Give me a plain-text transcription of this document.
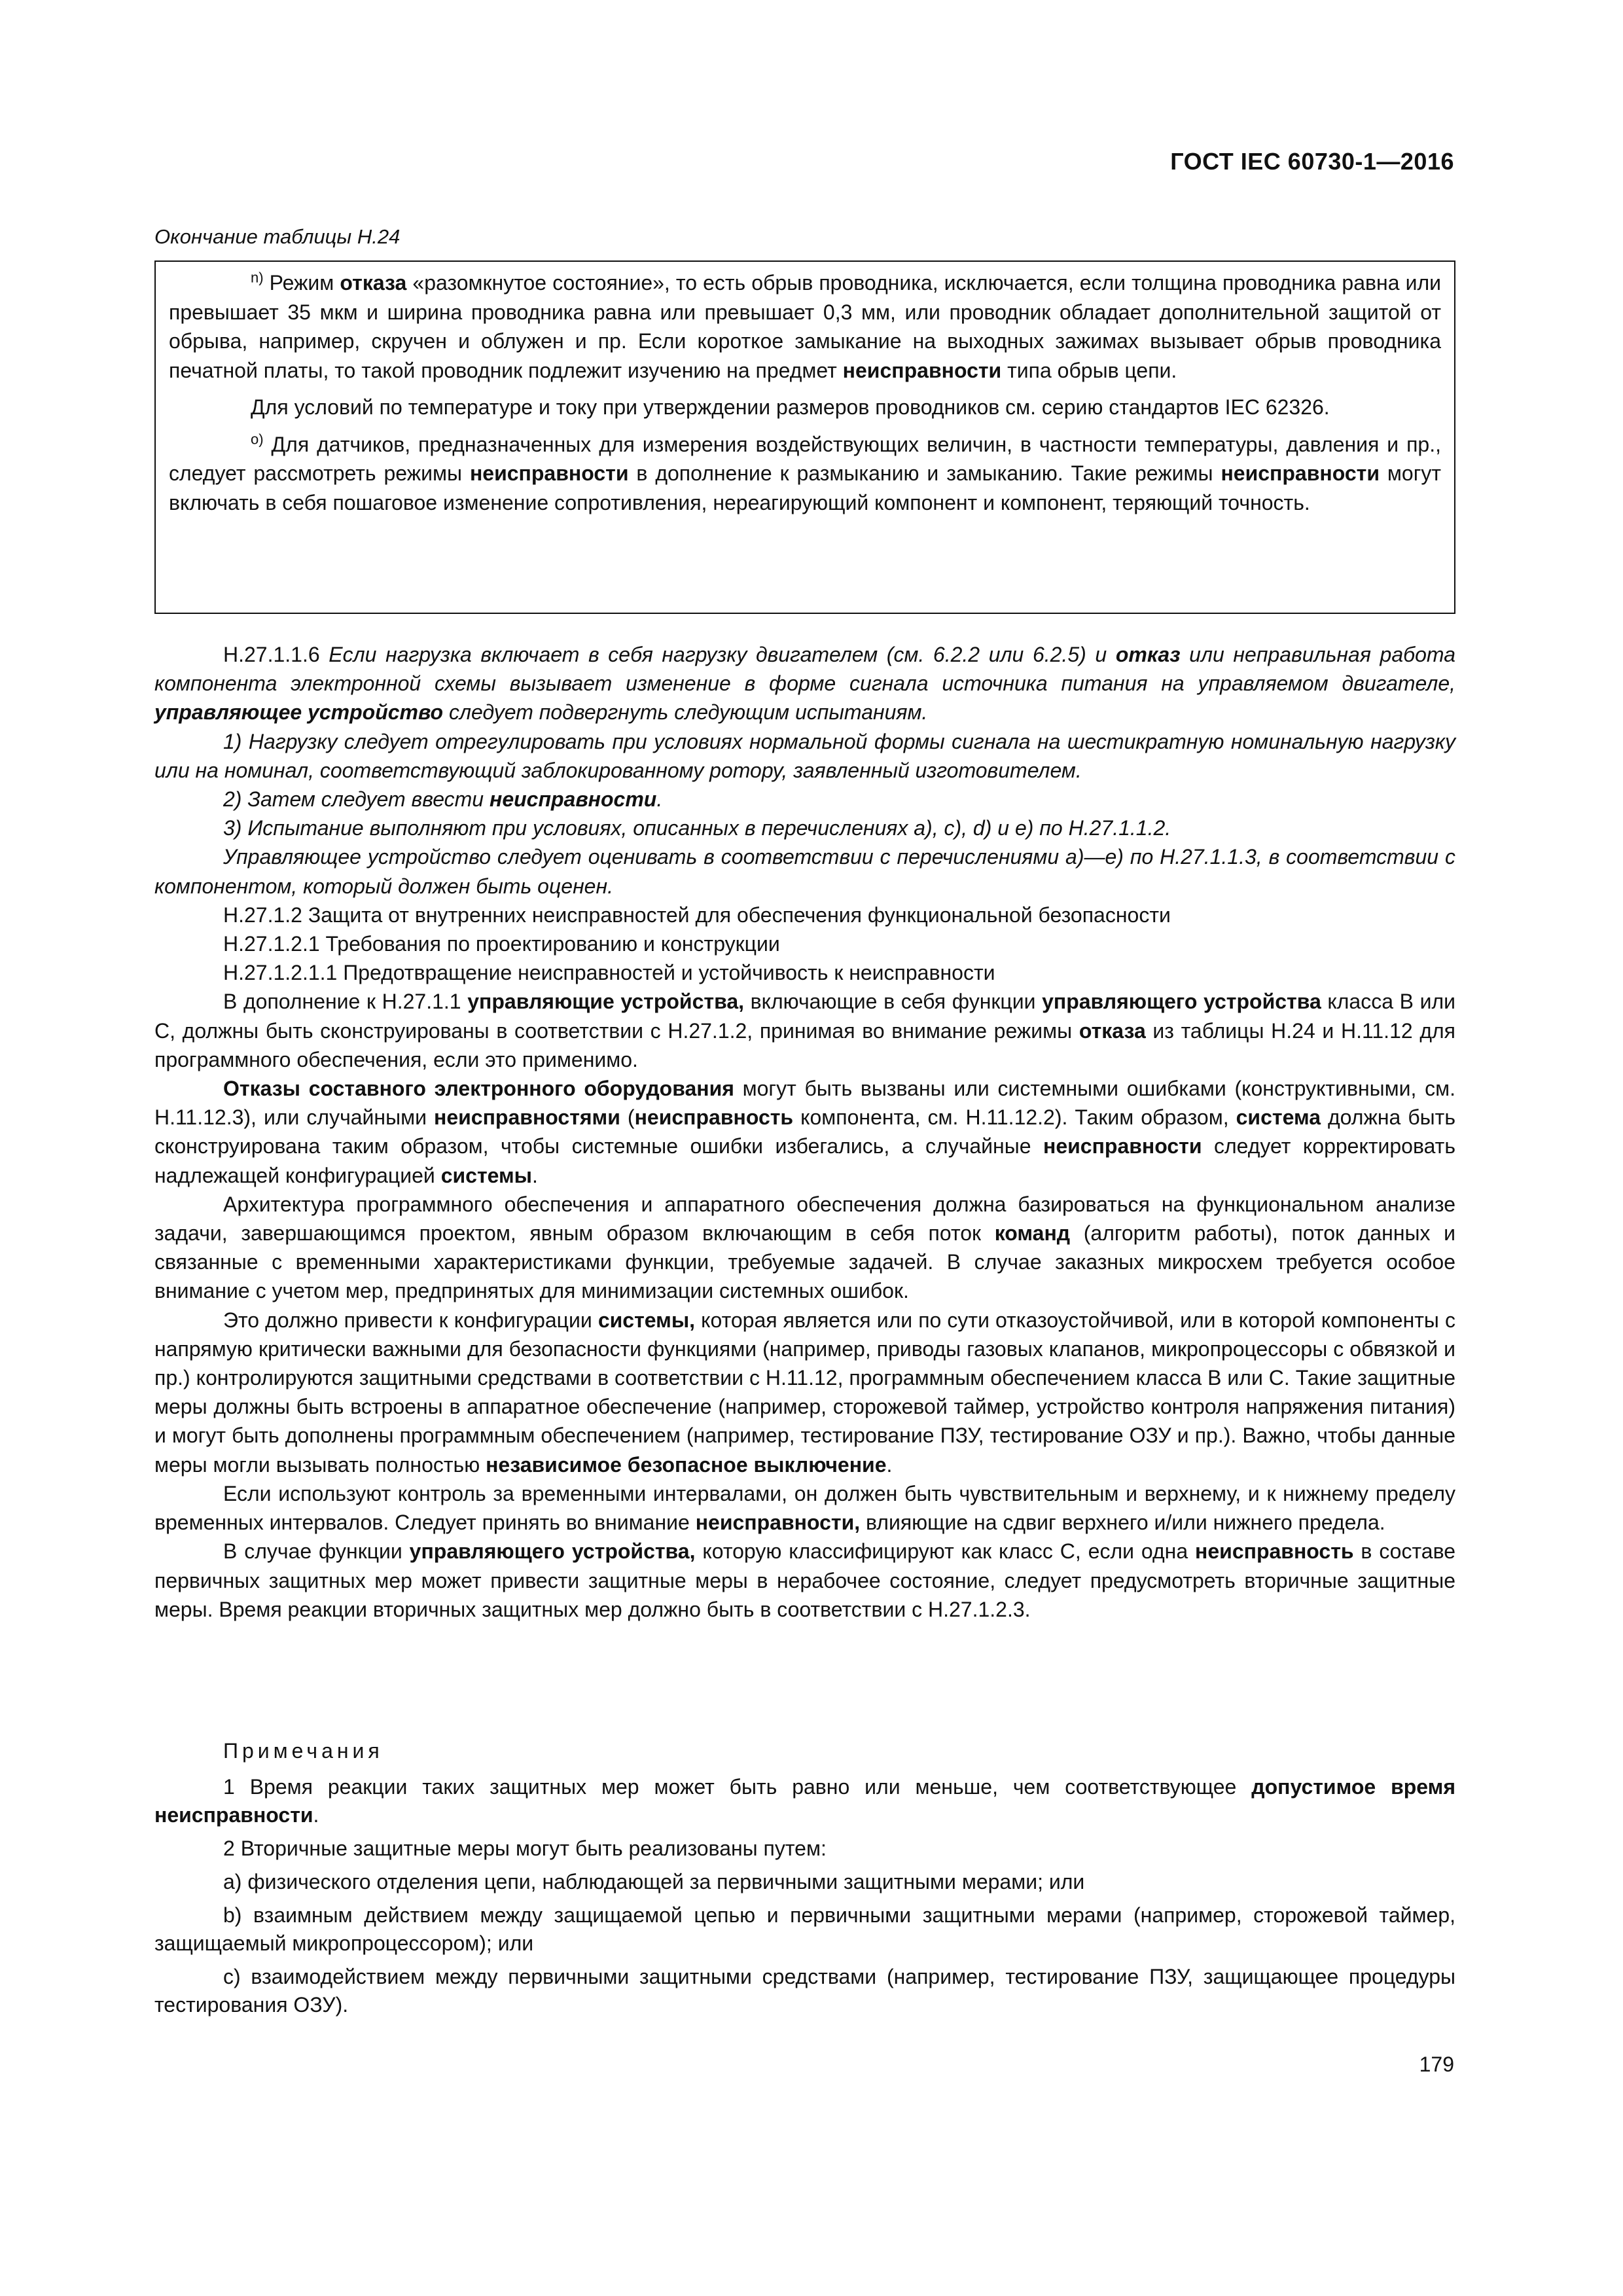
ГОСТ IEC 60730-1—2016
Окончание таблицы Н.24

$^{n)}$ Режим отказа «разомкнутое состояние», то есть обрыв проводника, исключается, если толщина проводника равна или превышает 35 мкм и ширина проводника равна или превышает 0,3 мм, или проводник обладает дополнительной защитой от обрыва, например, скручен и облужен и пр. Если короткое замыкание на выходных зажимах вызывает обрыв проводника печатной платы, то такой проводник подлежит изучению на предмет неисправности типа обрыв цепи.

Для условий по температуре и току при утверждении размеров проводников см. серию стандартов IEC 62326.

$^{o)}$ Для датчиков, предназначенных для измерения воздействующих величин, в частности температуры, давления и пр., следует рассмотреть режимы неисправности в дополнение к размыканию и замыканию. Такие режимы неисправности могут включать в себя пошаговое изменение сопротивления, нереагирующий компонент и компонент, теряющий точность.

Н.27.1.1.6 Если нагрузка включает в себя нагрузку двигателем (см. 6.2.2 или 6.2.5) и отказ или неправильная работа компонента электронной схемы вызывает изменение в форме сигнала источника питания на управляемом двигателе, управляющее устройство следует подвергнуть следующим испытаниям.

1) Нагрузку следует отрегулировать при условиях нормальной формы сигнала на шестикратную номинальную нагрузку или на номинал, соответствующий заблокированному ротору, заявленный изготовителем.

2) Затем следует ввести неисправности.

3) Испытание выполняют при условиях, описанных в перечислениях а), с), d) и е) по Н.27.1.1.2.

Управляющее устройство следует оценивать в соответствии с перечислениями а)—е) по Н.27.1.1.3, в соответствии с компонентом, который должен быть оценен.

Н.27.1.2 Защита от внутренних неисправностей для обеспечения функциональной безопасности

Н.27.1.2.1 Требования по проектированию и конструкции

Н.27.1.2.1.1 Предотвращение неисправностей и устойчивость к неисправности

В дополнение к Н.27.1.1 управляющие устройства, включающие в себя функции управляющего устройства класса В или С, должны быть сконструированы в соответствии с Н.27.1.2, принимая во внимание режимы отказа из таблицы Н.24 и Н.11.12 для программного обеспечения, если это применимо.

Отказы составного электронного оборудования могут быть вызваны или системными ошибками (конструктивными, см. Н.11.12.3), или случайными неисправностями (неисправность компонента, см. Н.11.12.2). Таким образом, система должна быть сконструирована таким образом, чтобы системные ошибки избегались, а случайные неисправности следует корректировать надлежащей конфигурацией системы.

Архитектура программного обеспечения и аппаратного обеспечения должна базироваться на функциональном анализе задачи, завершающимся проектом, явным образом включающим в себя поток команд (алгоритм работы), поток данных и связанные с временными характеристиками функции, требуемые задачей. В случае заказных микросхем требуется особое внимание с учетом мер, предпринятых для минимизации системных ошибок.

Это должно привести к конфигурации системы, которая является или по сути отказоустойчивой, или в которой компоненты с напрямую критически важными для безопасности функциями (например, приводы газовых клапанов, микропроцессоры с обвязкой и пр.) контролируются защитными средствами в соответствии с Н.11.12, программным обеспечением класса В или С. Такие защитные меры должны быть встроены в аппаратное обеспечение (например, сторожевой таймер, устройство контроля напряжения питания) и могут быть дополнены программным обеспечением (например, тестирование ПЗУ, тестирование ОЗУ и пр.). Важно, чтобы данные меры могли вызывать полностью независимое безопасное выключение.

Если используют контроль за временными интервалами, он должен быть чувствительным и верхнему, и к нижнему пределу временных интервалов. Следует принять во внимание неисправности, влияющие на сдвиг верхнего и/или нижнего предела.

В случае функции управляющего устройства, которую классифицируют как класс С, если одна неисправность в составе первичных защитных мер может привести защитные меры в нерабочее состояние, следует предусмотреть вторичные защитные меры. Время реакции вторичных защитных мер должно быть в соответствии с Н.27.1.2.3.

Примечания

1 Время реакции таких защитных мер может быть равно или меньше, чем соответствующее допустимое время неисправности.

2 Вторичные защитные меры могут быть реализованы путем:

а) физического отделения цепи, наблюдающей за первичными защитными мерами; или

b) взаимным действием между защищаемой цепью и первичными защитными мерами (например, сторожевой таймер, защищаемый микропроцессором); или

с) взаимодействием между первичными защитными средствами (например, тестирование ПЗУ, защищающее процедуры тестирования ОЗУ).

179
